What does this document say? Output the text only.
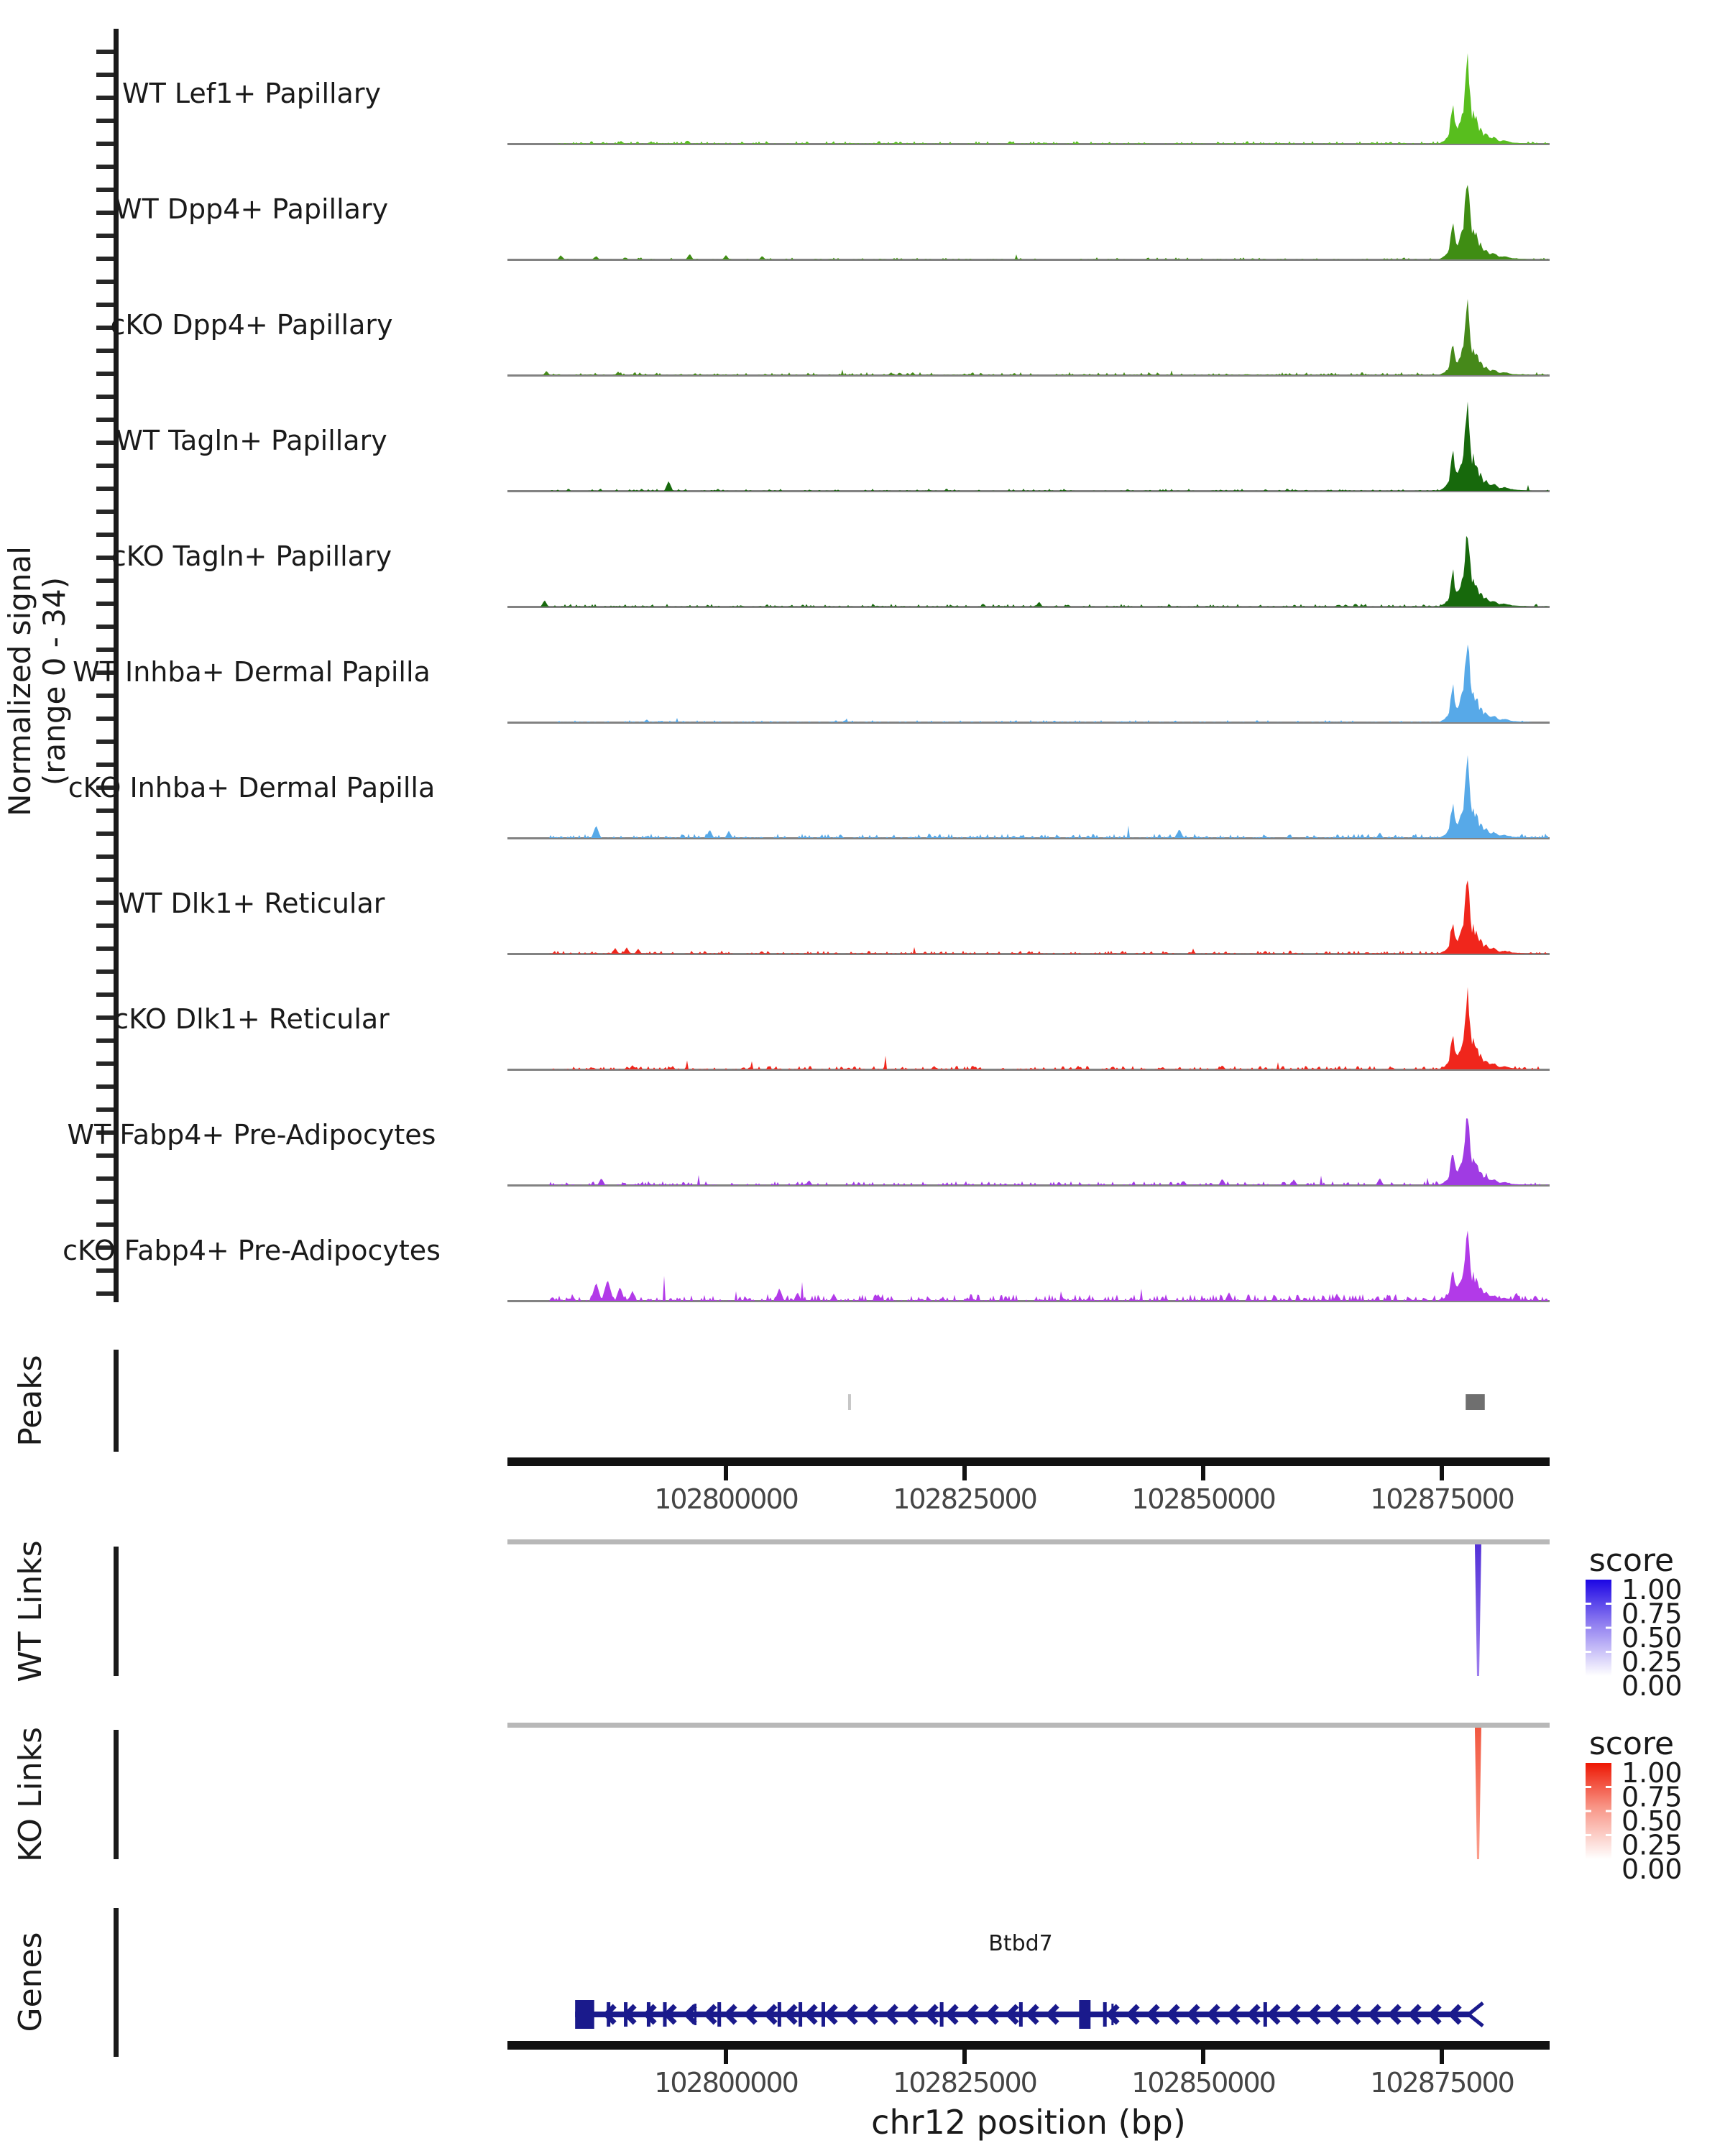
Normalized signal (range 0 - 34)
Peaks
WT Links
KO Links
Genes
WT Lef1+ Papillary
WT Dpp4+ Papillary
cKO Dpp4+ Papillary
WT Tagln+ Papillary
cKO Tagln+ Papillary
WT Inhba+ Dermal Papilla
cKO Inhba+ Dermal Papilla
WT Dlk1+ Reticular
cKO Dlk1+ Reticular
WT Fabp4+ Pre-Adipocytes
cKO Fabp4+ Pre-Adipocytes
102800000	102825000	102850000	102875000
score
1.00
0.75
0.50
0.25
0.00
score
1.00
0.75
0.50
0.25
0.00
Btbd7
102800000	102825000	102850000	102875000
chr12 position (bp)
